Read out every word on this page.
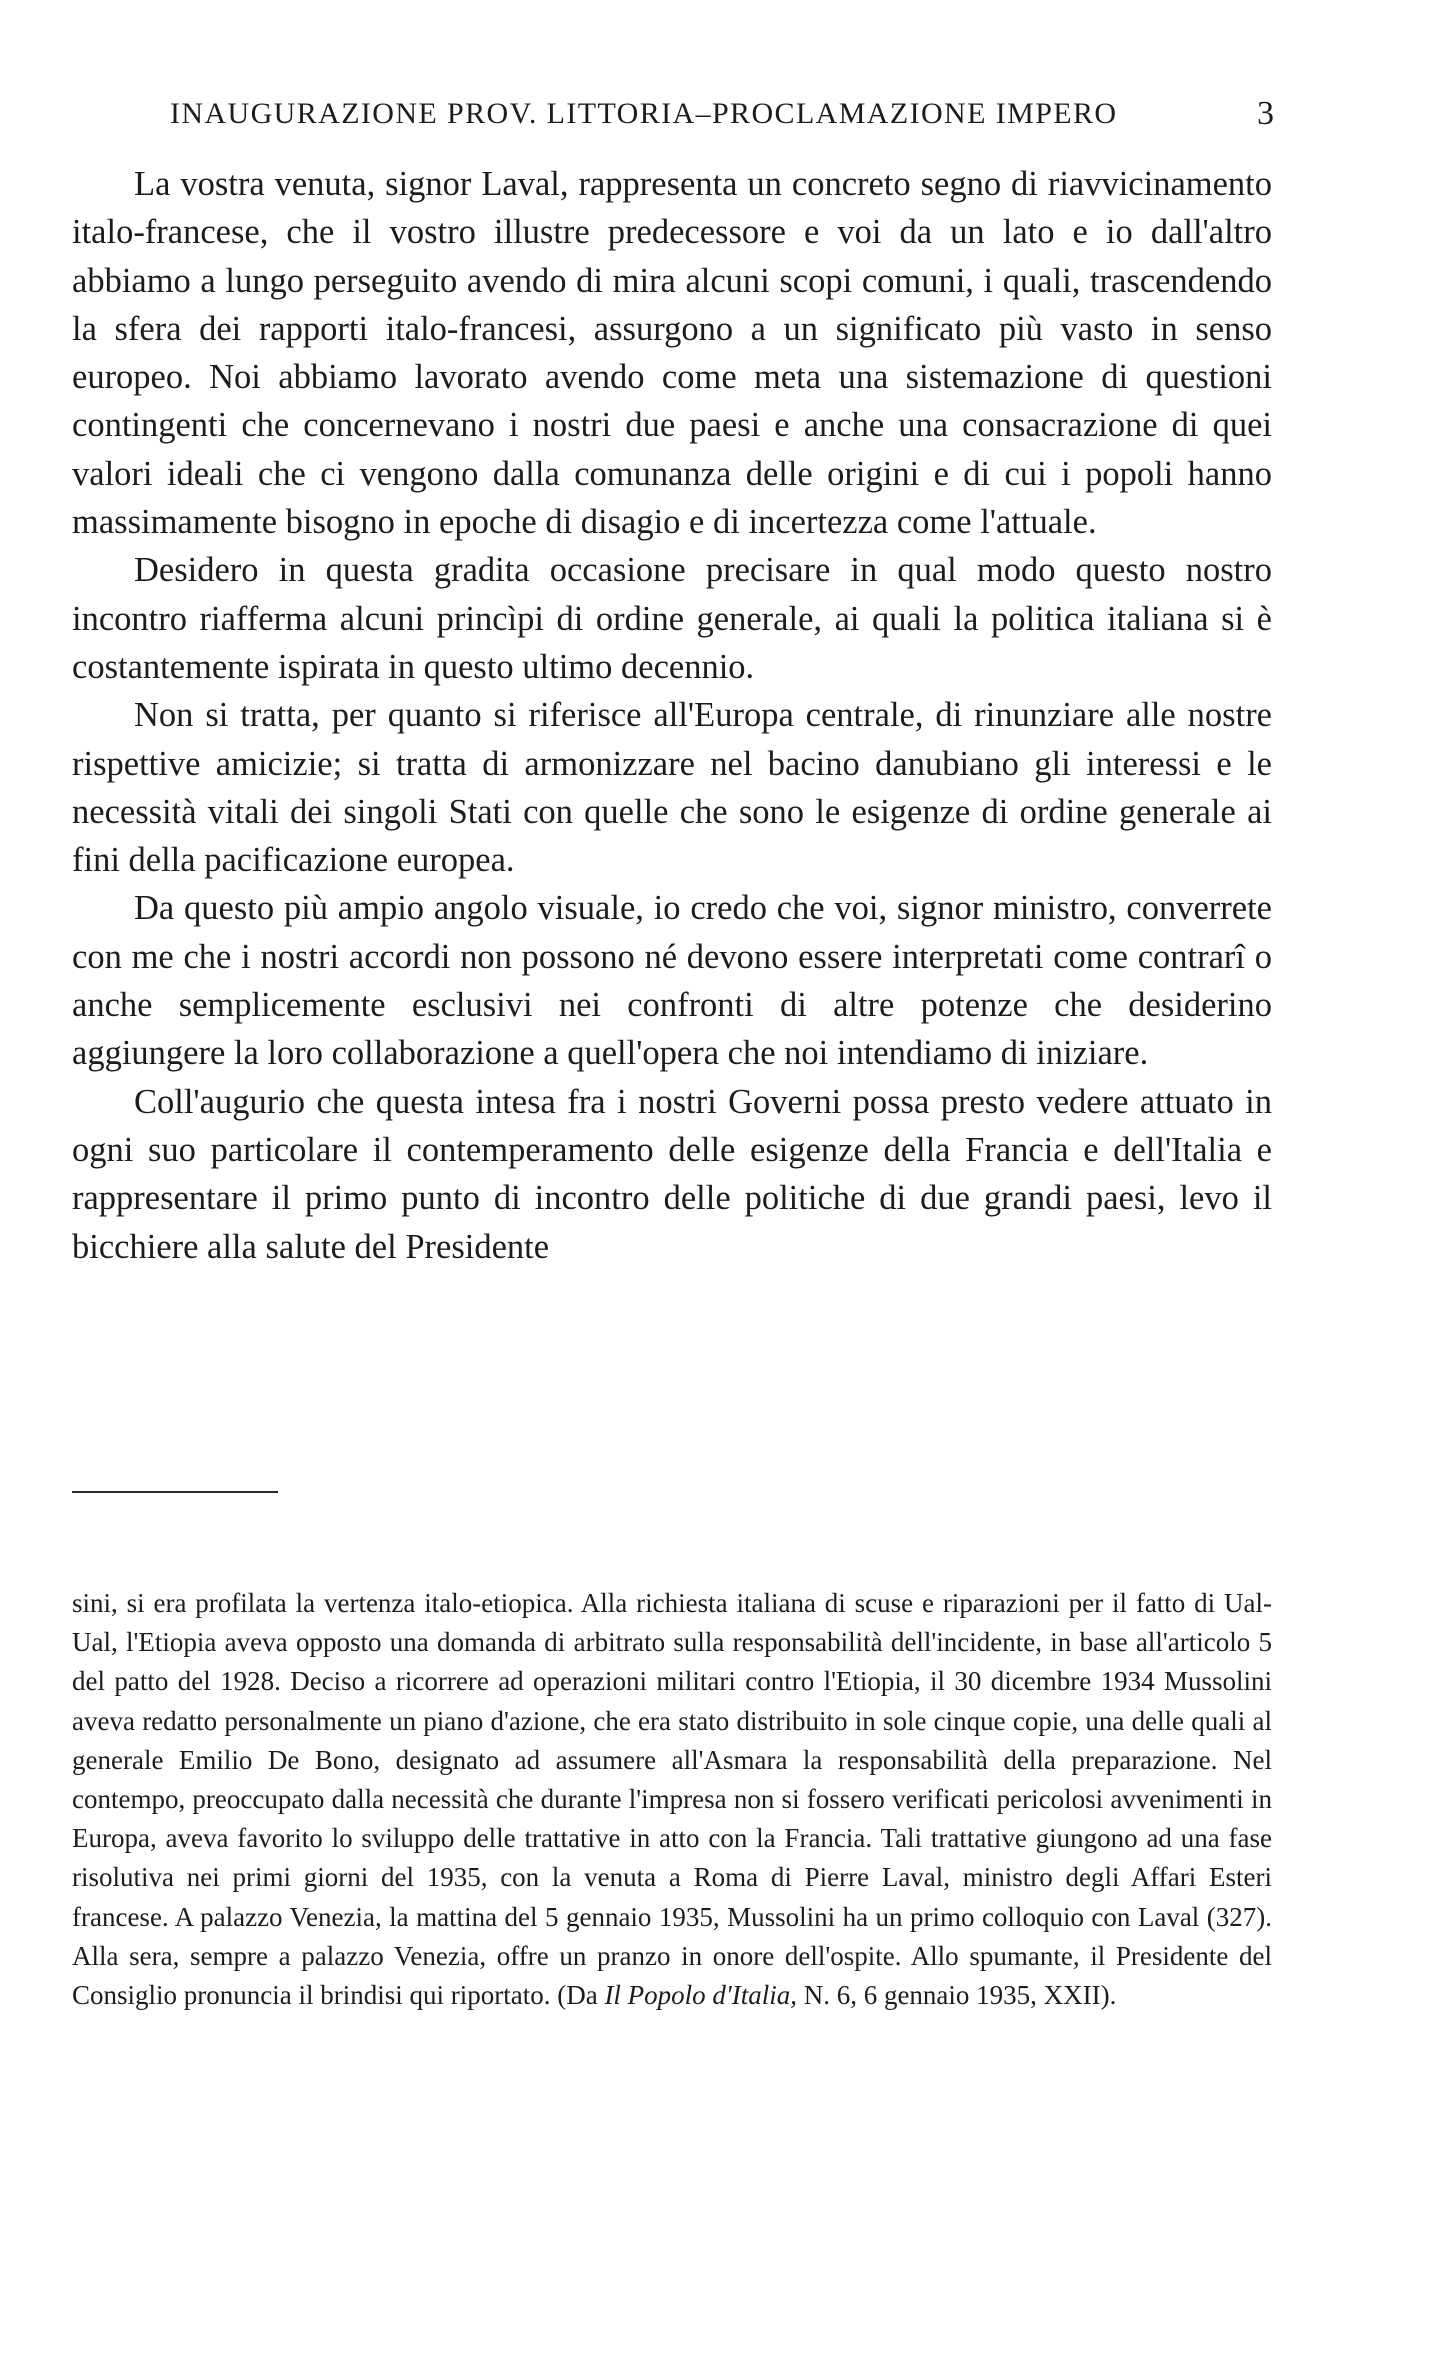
INAUGURAZIONE PROV. LITTORIA–PROCLAMAZIONE IMPERO	3

La vostra venuta, signor Laval, rappresenta un concreto segno di riavvicinamento italo-francese, che il vostro illustre predecessore e voi da un lato e io dall'altro abbiamo a lungo perseguito avendo di mira alcuni scopi comuni, i quali, trascendendo la sfera dei rapporti italo-francesi, assurgono a un significato più vasto in senso europeo. Noi abbiamo lavorato avendo come meta una sistemazione di questioni contingenti che concernevano i nostri due paesi e anche una consacrazione di quei valori ideali che ci vengono dalla comunanza delle origini e di cui i popoli hanno massimamente bisogno in epoche di disagio e di incertezza come l'attuale.

Desidero in questa gradita occasione precisare in qual modo questo nostro incontro riafferma alcuni princìpi di ordine generale, ai quali la politica italiana si è costantemente ispirata in questo ultimo decennio.

Non si tratta, per quanto si riferisce all'Europa centrale, di rinunziare alle nostre rispettive amicizie; si tratta di armonizzare nel bacino danubiano gli interessi e le necessità vitali dei singoli Stati con quelle che sono le esigenze di ordine generale ai fini della pacificazione europea.

Da questo più ampio angolo visuale, io credo che voi, signor ministro, converrete con me che i nostri accordi non possono né devono essere interpretati come contrarî o anche semplicemente esclusivi nei confronti di altre potenze che desiderino aggiungere la loro collaborazione a quell'opera che noi intendiamo di iniziare.

Coll'augurio che questa intesa fra i nostri Governi possa presto vedere attuato in ogni suo particolare il contemperamento delle esigenze della Francia e dell'Italia e rappresentare il primo punto di incontro delle politiche di due grandi paesi, levo il bicchiere alla salute del Presidente

sini, si era profilata la vertenza italo-etiopica. Alla richiesta italiana di scuse e riparazioni per il fatto di Ual-Ual, l'Etiopia aveva opposto una domanda di arbitrato sulla responsabilità dell'incidente, in base all'articolo 5 del patto del 1928. Deciso a ricorrere ad operazioni militari contro l'Etiopia, il 30 dicembre 1934 Mussolini aveva redatto personalmente un piano d'azione, che era stato distribuito in sole cinque copie, una delle quali al generale Emilio De Bono, designato ad assumere all'Asmara la responsabilità della preparazione. Nel contempo, preoccupato dalla necessità che durante l'impresa non si fossero verificati pericolosi avvenimenti in Europa, aveva favorito lo sviluppo delle trattative in atto con la Francia. Tali trattative giungono ad una fase risolutiva nei primi giorni del 1935, con la venuta a Roma di Pierre Laval, ministro degli Affari Esteri francese. A palazzo Venezia, la mattina del 5 gennaio 1935, Mussolini ha un primo colloquio con Laval (327). Alla sera, sempre a palazzo Venezia, offre un pranzo in onore dell'ospite. Allo spumante, il Presidente del Consiglio pronuncia il brindisi qui riportato. (Da Il Popolo d'Italia, N. 6, 6 gennaio 1935, XXII).
